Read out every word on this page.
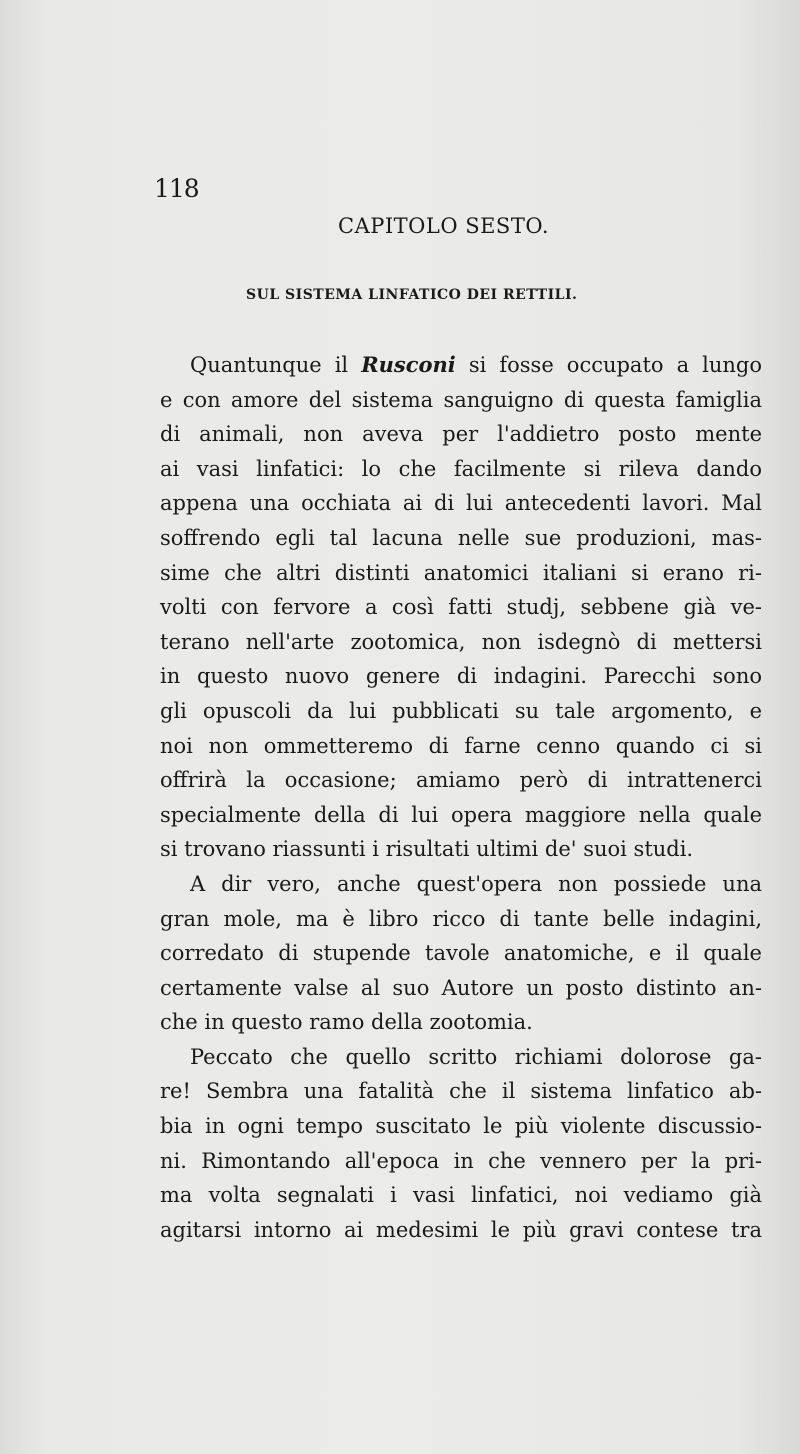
118
CAPITOLO SESTO.
SUL SISTEMA LINFATICO DEI RETTILI.
Quantunque il Rusconi si fosse occupato a lungo
e con amore del sistema sanguigno di questa famiglia
di animali, non aveva per l'addietro posto mente
ai vasi linfatici: lo che facilmente si rileva dando
appena una occhiata ai di lui antecedenti lavori. Mal
soffrendo egli tal lacuna nelle sue produzioni, mas-
sime che altri distinti anatomici italiani si erano ri-
volti con fervore a così fatti studj, sebbene già ve-
terano nell'arte zootomica, non isdegnò di mettersi
in questo nuovo genere di indagini. Parecchi sono
gli opuscoli da lui pubblicati su tale argomento, e
noi non ommetteremo di farne cenno quando ci si
offrirà la occasione; amiamo però di intrattenerci
specialmente della di lui opera maggiore nella quale
si trovano riassunti i risultati ultimi de' suoi studi.
A dir vero, anche quest'opera non possiede una
gran mole, ma è libro ricco di tante belle indagini,
corredato di stupende tavole anatomiche, e il quale
certamente valse al suo Autore un posto distinto an-
che in questo ramo della zootomia.
Peccato che quello scritto richiami dolorose ga-
re! Sembra una fatalità che il sistema linfatico ab-
bia in ogni tempo suscitato le più violente discussio-
ni. Rimontando all'epoca in che vennero per la pri-
ma volta segnalati i vasi linfatici, noi vediamo già
agitarsi intorno ai medesimi le più gravi contese tra
